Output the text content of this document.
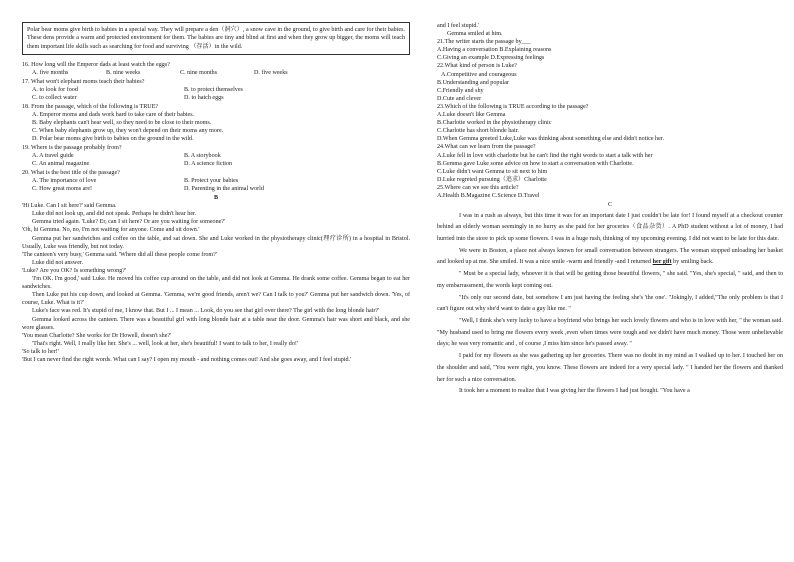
Polar bear moms give birth to babies in a special way. They will prepare a den（洞穴）, a snow cave in the ground, to give birth and care for their babies. These dens provide a warm and protected environment for them. The babies are tiny and blind at first and when they grow up bigger, the moms will teach them important life skills such as searching for food and surviving （存活）in the wild.
16. How long will the Emperor dads at least watch the eggs?
A. five months	B. nine weeks	C. nine months	D. five weeks
17. What won't elephant moms teach their babies?
A. to look for food	B. to protect themselves
C. to collect water	D. to hatch eggs
18. From the passage, which of the following is TRUE?
A. Emperor moms and dads work hard to take care of their babies.
B. Baby elephants can't hear well, so they need to be close to their moms.
C. When baby elephants grow up, they won't depend on their moms any more.
D. Polar bear moms give birth to babies on the ground in the wild.
19. Where is the passage probably from?
A. A travel guide	B. A storybook
C. An animal magazine	D. A science fiction
20. What is the best title of the passage?
A. The importance of love	B. Protect your babies
C. How great moms are!	D. Parenting in the animal world
B
'Hi Luke. Can I sit here?' said Gemma.
Luke did not look up, and did not speak. Perhaps he didn't hear her.
Gemma tried again. 'Luke? Er, can I sit here? Or are you waiting for someone?'
'Oh, hi Gemma. No, no, I'm not waiting for anyone. Come and sit down.'
Gemma put her sandwiches and coffee on the table, and sat down. She and Luke worked in the physiotherapy clinic(理疗诊所) in a hospital in Bristol. Usually, Luke was friendly, but not today.
'The canteen's very busy,' Gemma said. 'Where did all these people come from?'
Luke did not answer.
'Luke? Are you OK? Is something wrong?'
'I'm OK. I'm good,' said Luke. He moved his coffee cup around on the table, and did not look at Gemma. He drank some coffee. Gemma began to eat her sandwiches.
Then Luke put his cup down, and looked at Gemma. 'Gemma, we're good friends, aren't we? Can I talk to you?' Gemma put her sandwich down. 'Yes, of course, Luke. What is it?'
Luke's face was red. It's stupid of me, I know that. But I ... I mean ... Look, do you see that girl over there? The girl with the long blonde hair?'
Gemma looked across the canteen. There was a beautiful girl with long blonde hair at a table near the door. Gemma's hair was short and black, and she wore glasses.
'You mean Charlotte? She works for Dr Howell, doesn't she?'
'That's right. Well, I really like her. She's ... well, look at her, she's beautiful! I want to talk to her, I really do!'
'So talk to her!'
'But I can never find the right words. What can I say? I open my mouth - and nothing comes out! And she goes away, and I feel stupid.'
and I feel stupid.'
Gemma smiled at him.
21.The writer starts the passage by___
A.Having a conversation B.Explaining reasons
C.Giving an example D.Expressing feelings
22.What kind of person is Luke?
A.Competitive and courageous
B.Understanding and popular
C.Friendly and shy
D.Cute and clever
23.Which of the following is TRUE according to the passage?
A.Luke doesn't like Gemma
B.Charlotte worked in the physiotherapy clinic
C.Charlotte has short blonde hair.
D.When Gemma greeted Luke,Luke was thinking about something else and didn't notice her.
24.What can we learn from the passage?
A.Luke fell in love with charlotte but he can't find the right words to start a talk with her
B.Gemma gave Luke some advice on how to start a conversation with Charlotte.
C.Luke didn't want Gemma to sit next to him
D.Luke regreted pursuing（追求）Charlotte
25.Where can we see this article?
A.Health B.Magazine C.Science D.Travel
C
I was in a rush as always, but this time it was for an important date I just couldn't be late for! I found myself at a checkout counter behind an elderly woman seemingly in no hurry as she paid for her groceries（食品杂货）. A PhD student without a lot of money, I had hurried into the store to pick up some flowers. I was in a huge rush, thinking of my upcoming evening. I did not want to be late for this date.
We were in Boston, a place not always known for small conversation between strangers. The woman stopped unloading her basket and looked up at me. She smiled. It was a nice smile -warm and friendly -and I returned her gift by smiling back.
" Must be a special lady, whoever it is that will be getting those beautiful flowers, " she said. "Yes, she's special, " said, and then to my embarrassment, the words kept coming out.
"It's only our second date, but somehow I am just having the feeling she's 'the one'. "Jokingly, I added,"The only problem is that I can't figure out why she'd want to date a guy like me. "
"Well, I think she's very lucky to have a boyfriend who brings her such lovely flowers and who is in love with her, " the woman said. "My husband used to bring me flowers every week ,even when times were tough and we didn't have much money. Those were unbelievable days; he was very romantic and , of course ,I miss him since he's passed away. "
I paid for my flowers as she was gathering up her groceries. There was no doubt in my mind as I walked up to her. I touched her on the shoulder and said, "You were right, you know. These flowers are indeed for a very special lady. " I handed her the flowers and thanked her for such a nice conversation.
It took her a moment to realize that I was giving her the flowers I had just bought. "You have a
